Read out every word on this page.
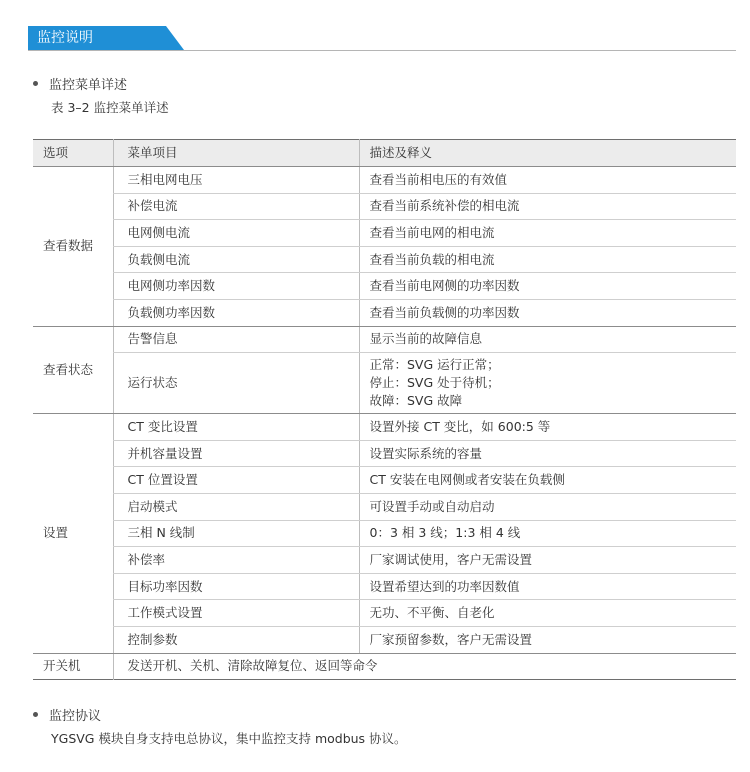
监控说明
监控菜单详述
表 3–2 监控菜单详述
选项	菜单项目	描述及释义
查看数据	三相电网电压	查看当前相电压的有效值
	补偿电流	查看当前系统补偿的相电流
	电网侧电流	查看当前电网的相电流
	负载侧电流	查看当前负载的相电流
	电网侧功率因数	查看当前电网侧的功率因数
	负载侧功率因数	查看当前负载侧的功率因数
查看状态	告警信息	显示当前的故障信息
	运行状态	正常：SVG 运行正常；
停止：SVG 处于待机；
故障：SVG 故障

设置	CT 变比设置	设置外接 CT 变比，如 600:5 等
	并机容量设置	设置实际系统的容量
	CT 位置设置	CT 安装在电网侧或者安装在负载侧
	启动模式	可设置手动或自动启动
	三相 N 线制	0：3 相 3 线；1:3 相 4 线
	补偿率	厂家调试使用，客户无需设置
	目标功率因数	设置希望达到的功率因数值
	工作模式设置	无功、不平衡、自老化
	控制参数	厂家预留参数，客户无需设置
开关机	发送开机、关机、清除故障复位、返回等命令	
监控协议
YGSVG 模块自身支持电总协议，集中监控支持 modbus 协议。
